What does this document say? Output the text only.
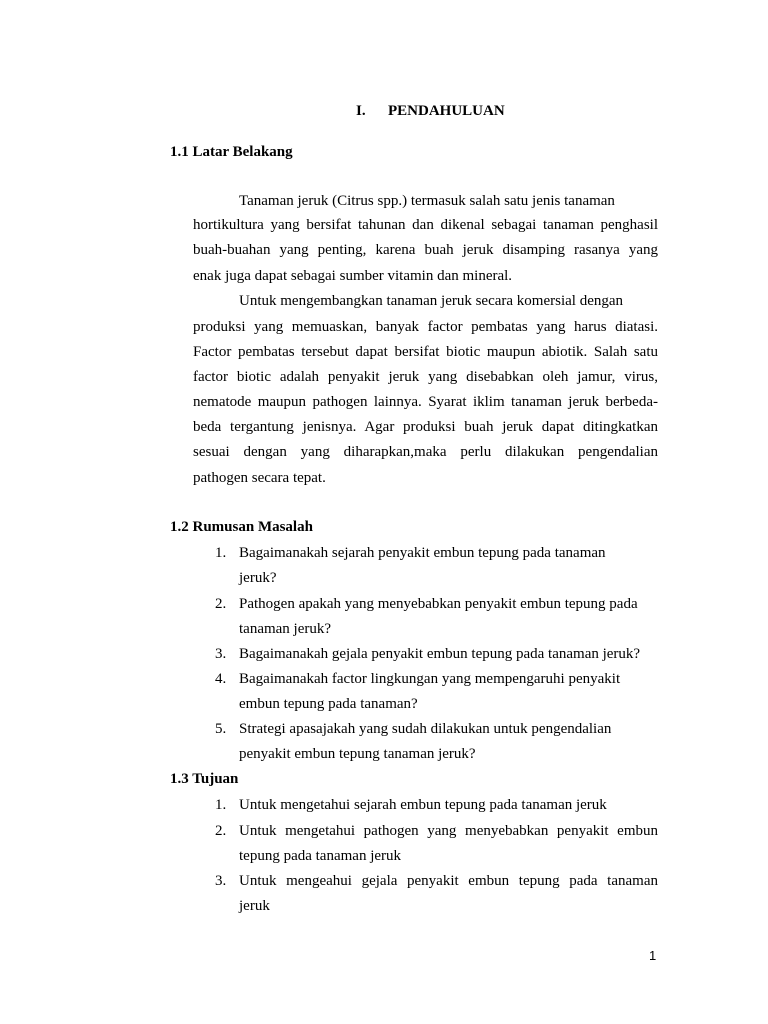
I. PENDAHULUAN
1.1 Latar Belakang
Tanaman jeruk (Citrus spp.) termasuk salah satu jenis tanaman
hortikultura yang bersifat tahunan dan dikenal sebagai tanaman penghasil
buah-buahan yang penting, karena buah jeruk disamping rasanya yang
enak juga dapat sebagai sumber vitamin dan mineral.
Untuk mengembangkan tanaman jeruk secara komersial dengan
produksi yang memuaskan, banyak factor pembatas yang harus diatasi.
Factor pembatas tersebut dapat bersifat biotic maupun abiotik. Salah satu
factor biotic adalah penyakit jeruk yang disebabkan oleh jamur, virus,
nematode maupun pathogen lainnya. Syarat iklim tanaman jeruk berbeda-
beda tergantung jenisnya. Agar produksi buah jeruk dapat ditingkatkan
sesuai dengan yang diharapkan,maka perlu dilakukan pengendalian
pathogen secara tepat.
1.2 Rumusan Masalah
1. Bagaimanakah sejarah penyakit embun tepung pada tanaman
jeruk?
2. Pathogen apakah yang menyebabkan penyakit embun tepung pada
tanaman jeruk?
3. Bagaimanakah gejala penyakit embun tepung pada tanaman jeruk?
4. Bagaimanakah factor lingkungan yang mempengaruhi penyakit
embun tepung pada tanaman?
5. Strategi apasajakah yang sudah dilakukan untuk pengendalian
penyakit embun tepung tanaman jeruk?
1.3 Tujuan
1. Untuk mengetahui sejarah embun tepung pada tanaman jeruk
2. Untuk mengetahui pathogen yang menyebabkan penyakit embun
tepung pada tanaman jeruk
3. Untuk mengeahui gejala penyakit embun tepung pada tanaman
jeruk
1
